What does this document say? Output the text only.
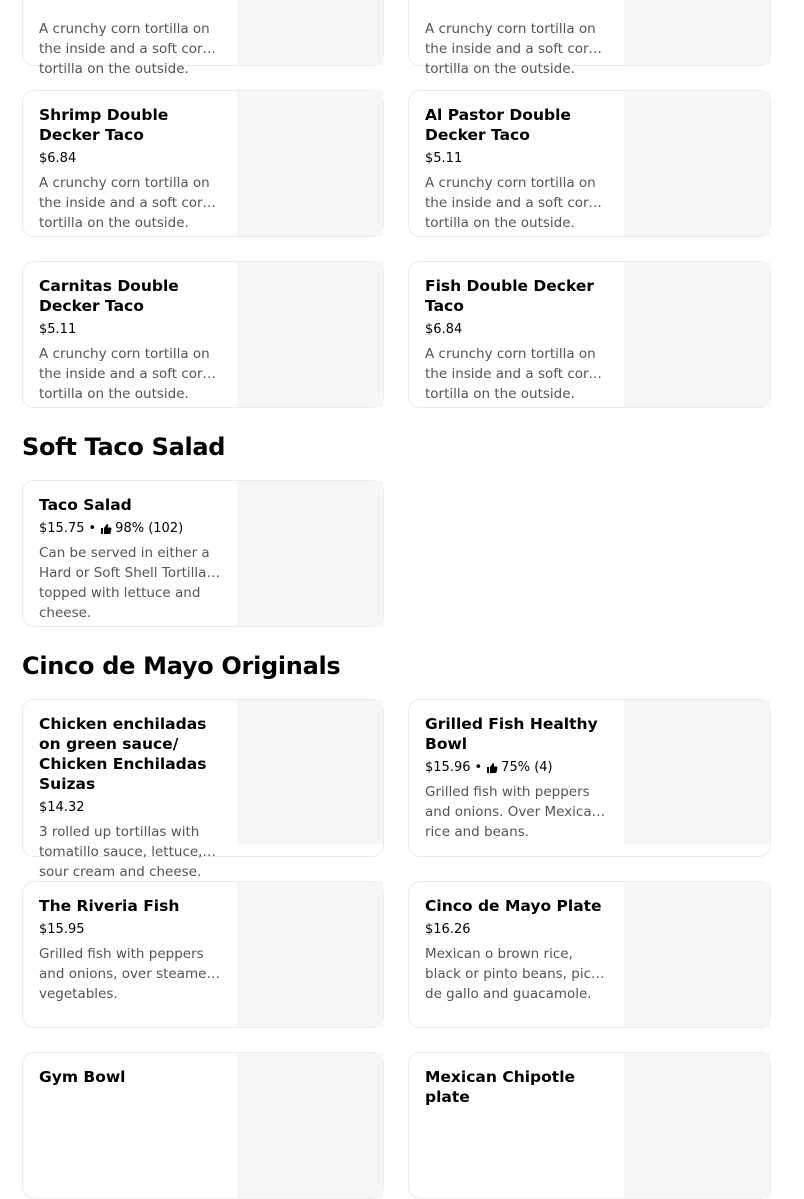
A crunchy corn tortilla on the inside and a soft corn tortilla on the outside.
A crunchy corn tortilla on the inside and a soft corn tortilla on the outside.
Shrimp Double Decker Taco
$6.84
A crunchy corn tortilla on the inside and a soft corn tortilla on the outside.
Al Pastor Double Decker Taco
$5.11
A crunchy corn tortilla on the inside and a soft corn tortilla on the outside.
Carnitas Double Decker Taco
$5.11
A crunchy corn tortilla on the inside and a soft corn tortilla on the outside.
Fish Double Decker Taco
$6.84
A crunchy corn tortilla on the inside and a soft corn tortilla on the outside.
Soft Taco Salad
Taco Salad
$15.75 • 98% (102)
Can be served in either a Hard or Soft Shell Tortilla, topped with lettuce and cheese.
Cinco de Mayo Originals
Chicken enchiladas on green sauce/ Chicken Enchiladas Suizas
$14.32
3 rolled up tortillas with tomatillo sauce, lettuce, sour cream and cheese.
Grilled Fish Healthy Bowl
$15.96 • 75% (4)
Grilled fish with peppers and onions. Over Mexican rice and beans.
The Riveria Fish
$15.95
Grilled fish with peppers and onions, over steamed vegetables.
Cinco de Mayo Plate
$16.26
Mexican o brown rice, black or pinto beans, pico de gallo and guacamole.
Gym Bowl	Mexican Chipotle plate
